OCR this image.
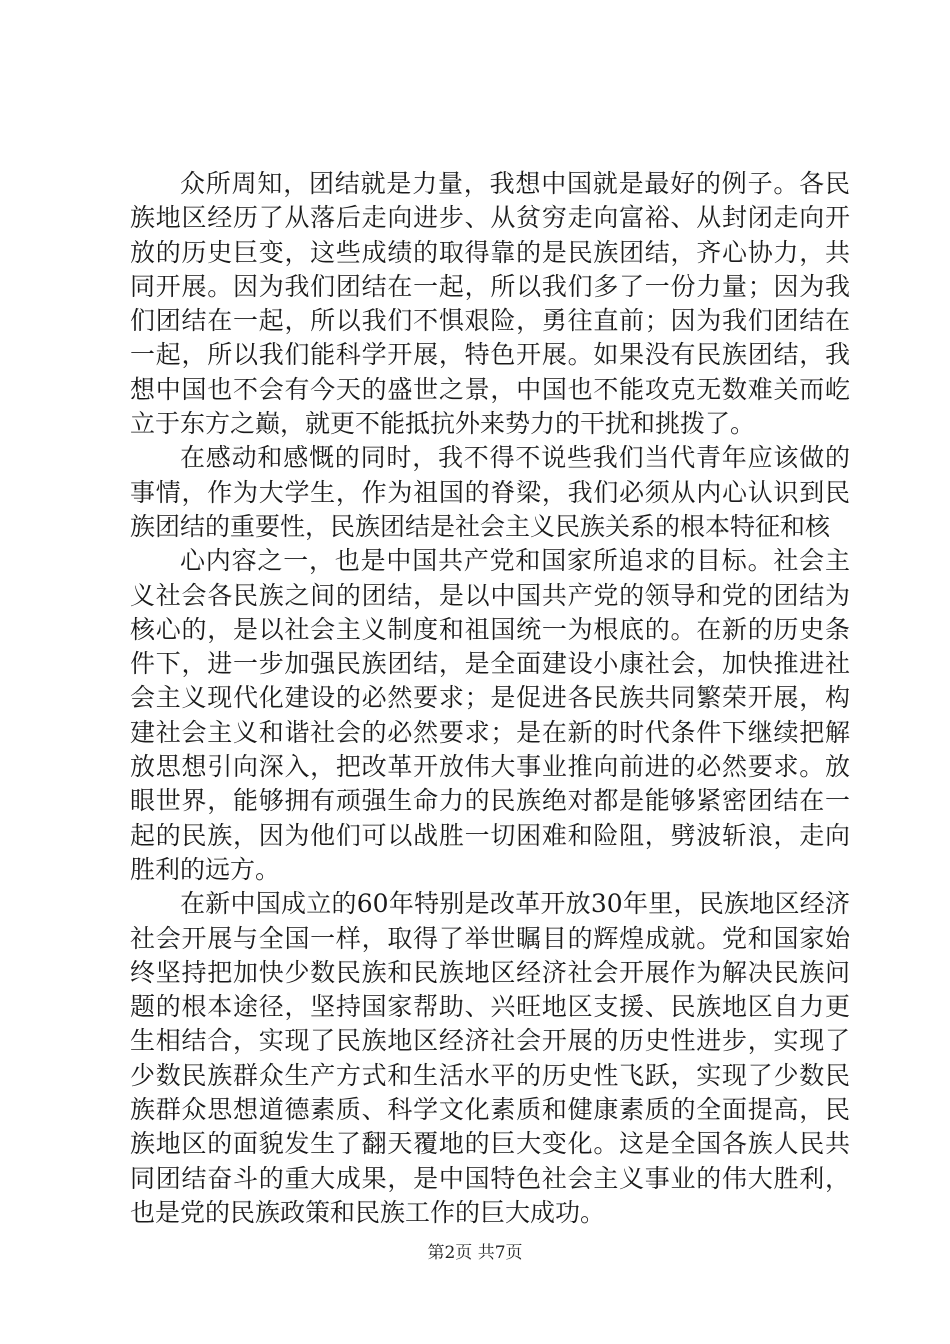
众所周知，团结就是力量，我想中国就是最好的例子。各民族地区经历了从落后走向进步、从贫穷走向富裕、从封闭走向开放的历史巨变，这些成绩的取得靠的是民族团结，齐心协力，共同开展。因为我们团结在一起，所以我们多了一份力量；因为我们团结在一起，所以我们不惧艰险，勇往直前；因为我们团结在一起，所以我们能科学开展，特色开展。如果没有民族团结，我想中国也不会有今天的盛世之景，中国也不能攻克无数难关而屹立于东方之巅，就更不能抵抗外来势力的干扰和挑拨了。

在感动和感慨的同时，我不得不说些我们当代青年应该做的事情，作为大学生，作为祖国的脊梁，我们必须从内心认识到民族团结的重要性，民族团结是社会主义民族关系的根本特征和核

心内容之一，也是中国共产党和国家所追求的目标。社会主义社会各民族之间的团结，是以中国共产党的领导和党的团结为核心的，是以社会主义制度和祖国统一为根底的。在新的历史条件下，进一步加强民族团结，是全面建设小康社会，加快推进社会主义现代化建设的必然要求；是促进各民族共同繁荣开展，构建社会主义和谐社会的必然要求；是在新的时代条件下继续把解放思想引向深入，把改革开放伟大事业推向前进的必然要求。放眼世界，能够拥有顽强生命力的民族绝对都是能够紧密团结在一起的民族，因为他们可以战胜一切困难和险阻，劈波斩浪，走向胜利的远方。

在新中国成立的60年特别是改革开放30年里，民族地区经济社会开展与全国一样，取得了举世瞩目的辉煌成就。党和国家始终坚持把加快少数民族和民族地区经济社会开展作为解决民族问题的根本途径，坚持国家帮助、兴旺地区支援、民族地区自力更生相结合，实现了民族地区经济社会开展的历史性进步，实现了少数民族群众生产方式和生活水平的历史性飞跃，实现了少数民族群众思想道德素质、科学文化素质和健康素质的全面提高，民族地区的面貌发生了翻天覆地的巨大变化。这是全国各族人民共同团结奋斗的重大成果，是中国特色社会主义事业的伟大胜利，也是党的民族政策和民族工作的巨大成功。

第2页 共7页
